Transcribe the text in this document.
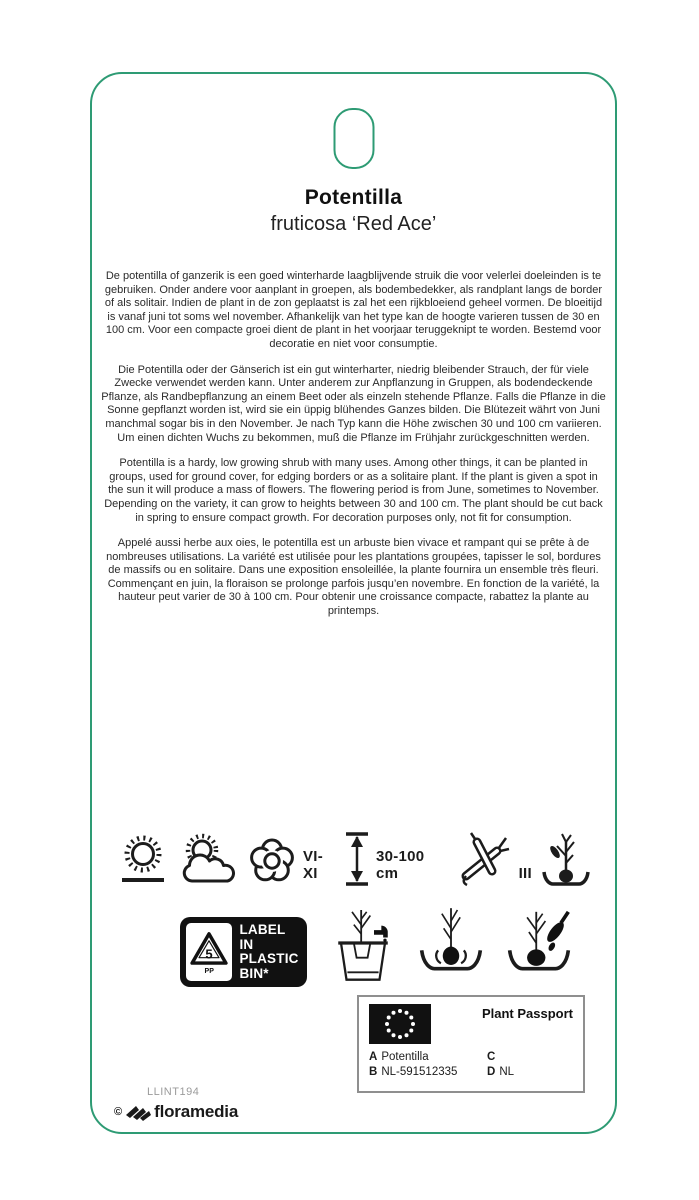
Potentilla
fruticosa ‘Red Ace’
De potentilla of ganzerik is een goed winterharde laagblijvende struik die voor velerlei doeleinden is te gebruiken. Onder andere voor aanplant in groepen, als bodembedekker, als randplant langs de border of als solitair. Indien de plant in de zon geplaatst is zal het een rijkbloeiend geheel vormen. De bloeitijd is vanaf juni tot soms wel november. Afhankelijk van het type kan de hoogte varieren tussen de 30 en 100 cm. Voor een compacte groei dient de plant in het voorjaar teruggeknipt te worden. Bestemd voor decoratie en niet voor consumptie.
Die Potentilla oder der Gänserich ist ein gut winterharter, niedrig bleibender Strauch, der für viele Zwecke verwendet werden kann. Unter anderem zur Anpflanzung in Gruppen, als bodendeckende Pflanze, als Randbepflanzung an einem Beet oder als einzeln stehende Pflanze. Falls die Pflanze in die Sonne gepflanzt worden ist, wird sie ein üppig blühendes Ganzes bilden. Die Blütezeit währt von Juni manchmal sogar bis in den November. Je nach Typ kann die Höhe zwischen 30 und 100 cm variieren. Um einen dichten Wuchs zu bekommen, muß die Pflanze im Frühjahr zurückgeschnitten werden.
Potentilla is a hardy, low growing shrub with many uses. Among other things, it can be planted in groups, used for ground cover, for edging borders or as a solitaire plant. If the plant is given a spot in the sun it will produce a mass of flowers. The flowering period is from June, sometimes to November. Depending on the variety, it can grow to heights between 30 and 100 cm. The plant should be cut back in spring to ensure compact growth. For decoration purposes only, not fit for consumption.
Appelé aussi herbe aux oies, le potentilla est un arbuste bien vivace et rampant qui se prête à de nombreuses utilisations. La variété est utilisée pour les plantations groupées, tapisser le sol, bordures de massifs ou en solitaire. Dans une exposition ensoleillée, la plante fournira un ensemble très fleuri. Commençant en juin, la floraison se prolonge parfois jusqu’en novembre. En fonction de la variété, la hauteur peut varier de 30 à 100 cm. Pour obtenir une croissance compacte, rabattez la plante au printemps.
VI-XI
30-100 cm	III
5
PP
LABEL IN
PLASTIC
BIN*
Plant Passport
A Potentilla
B NL-591512335
C
D NL
LLINT194
© floramedia
